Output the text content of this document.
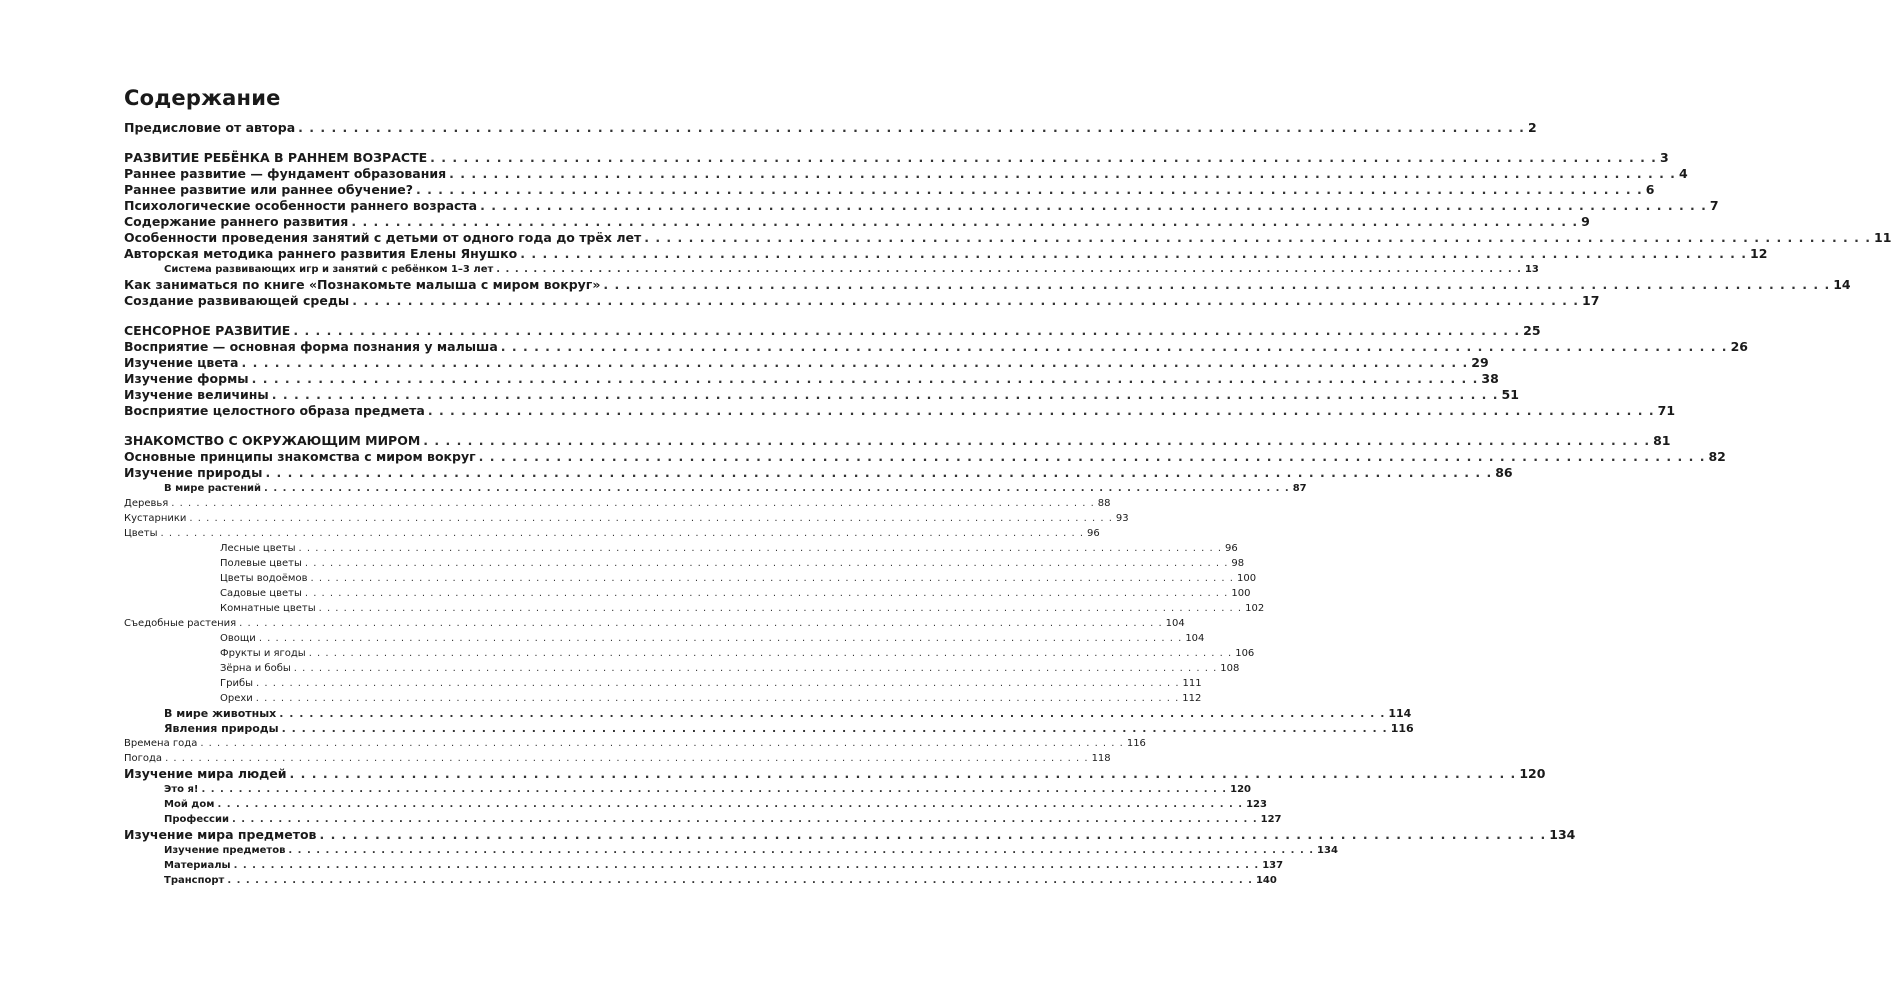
Содержание
Предисловие от автора . . . . . . . . . . . . . . . . . . . . . . . . . . . . . . . . . . . . . . . . . . . . . . . . . . . . . . . . . . . . . . . . . . . . . . . . . . . . . . . . . . . . . . . . . . . . . . . . . . . . . . . . . . . . . . . 2
РАЗВИТИЕ РЕБЁНКА В РАННЕМ ВОЗРАСТЕ . . . . . . . . . . . . . . . . . . . . . . . . . . . . . . . . . . . . . . . . . . . . . . . . . . . . . . . . . . . . . . . . . . . . . . . . . . . . . . . . . . . . . . . . . . . . . . . . . . . . . . . . . . . . . . . 3
Раннее развитие — фундамент образования . . . . . . . . . . . . . . . . . . . . . . . . . . . . . . . . . . . . . . . . . . . . . . . . . . . . . . . . . . . . . . . . . . . . . . . . . . . . . . . . . . . . . . . . . . . . . . . . . . . . . . . . . . . . . . . 4
Раннее развитие или раннее обучение? . . . . . . . . . . . . . . . . . . . . . . . . . . . . . . . . . . . . . . . . . . . . . . . . . . . . . . . . . . . . . . . . . . . . . . . . . . . . . . . . . . . . . . . . . . . . . . . . . . . . . . . . . . . . . . . 6
Психологические особенности раннего возраста . . . . . . . . . . . . . . . . . . . . . . . . . . . . . . . . . . . . . . . . . . . . . . . . . . . . . . . . . . . . . . . . . . . . . . . . . . . . . . . . . . . . . . . . . . . . . . . . . . . . . . . . . . . . . . . 7
Содержание раннего развития . . . . . . . . . . . . . . . . . . . . . . . . . . . . . . . . . . . . . . . . . . . . . . . . . . . . . . . . . . . . . . . . . . . . . . . . . . . . . . . . . . . . . . . . . . . . . . . . . . . . . . . . . . . . . . . 9
Особенности проведения занятий с детьми от одного года до трёх лет . . . . . . . . . . . . . . . . . . . . . . . . . . . . . . . . . . . . . . . . . . . . . . . . . . . . . . . . . . . . . . . . . . . . . . . . . . . . . . . . . . . . . . . . . . . . . . . . . . . . . . . . . . . . . . . 11
Авторская методика раннего развития Елены Янушко . . . . . . . . . . . . . . . . . . . . . . . . . . . . . . . . . . . . . . . . . . . . . . . . . . . . . . . . . . . . . . . . . . . . . . . . . . . . . . . . . . . . . . . . . . . . . . . . . . . . . . . . . . . . . . . 12
Система развивающих игр и занятий с ребёнком 1–3 лет . . . . . . . . . . . . . . . . . . . . . . . . . . . . . . . . . . . . . . . . . . . . . . . . . . . . . . . . . . . . . . . . . . . . . . . . . . . . . . . . . . . . . . . . . . . . . . . . . . . . . . . . . . . . . . . 13
Как заниматься по книге «Познакомьте малыша с миром вокруг» . . . . . . . . . . . . . . . . . . . . . . . . . . . . . . . . . . . . . . . . . . . . . . . . . . . . . . . . . . . . . . . . . . . . . . . . . . . . . . . . . . . . . . . . . . . . . . . . . . . . . . . . . . . . . . . 14
Создание развивающей среды . . . . . . . . . . . . . . . . . . . . . . . . . . . . . . . . . . . . . . . . . . . . . . . . . . . . . . . . . . . . . . . . . . . . . . . . . . . . . . . . . . . . . . . . . . . . . . . . . . . . . . . . . . . . . . . 17
СЕНСОРНОЕ РАЗВИТИЕ . . . . . . . . . . . . . . . . . . . . . . . . . . . . . . . . . . . . . . . . . . . . . . . . . . . . . . . . . . . . . . . . . . . . . . . . . . . . . . . . . . . . . . . . . . . . . . . . . . . . . . . . . . . . . . . 25
Восприятие — основная форма познания у малыша . . . . . . . . . . . . . . . . . . . . . . . . . . . . . . . . . . . . . . . . . . . . . . . . . . . . . . . . . . . . . . . . . . . . . . . . . . . . . . . . . . . . . . . . . . . . . . . . . . . . . . . . . . . . . . . 26
Изучение цвета . . . . . . . . . . . . . . . . . . . . . . . . . . . . . . . . . . . . . . . . . . . . . . . . . . . . . . . . . . . . . . . . . . . . . . . . . . . . . . . . . . . . . . . . . . . . . . . . . . . . . . . . . . . . . . . 29
Изучение формы . . . . . . . . . . . . . . . . . . . . . . . . . . . . . . . . . . . . . . . . . . . . . . . . . . . . . . . . . . . . . . . . . . . . . . . . . . . . . . . . . . . . . . . . . . . . . . . . . . . . . . . . . . . . . . . 38
Изучение величины . . . . . . . . . . . . . . . . . . . . . . . . . . . . . . . . . . . . . . . . . . . . . . . . . . . . . . . . . . . . . . . . . . . . . . . . . . . . . . . . . . . . . . . . . . . . . . . . . . . . . . . . . . . . . . . 51
Восприятие целостного образа предмета . . . . . . . . . . . . . . . . . . . . . . . . . . . . . . . . . . . . . . . . . . . . . . . . . . . . . . . . . . . . . . . . . . . . . . . . . . . . . . . . . . . . . . . . . . . . . . . . . . . . . . . . . . . . . . . 71
ЗНАКОМСТВО С ОКРУЖАЮЩИМ МИРОМ . . . . . . . . . . . . . . . . . . . . . . . . . . . . . . . . . . . . . . . . . . . . . . . . . . . . . . . . . . . . . . . . . . . . . . . . . . . . . . . . . . . . . . . . . . . . . . . . . . . . . . . . . . . . . . . 81
Основные принципы знакомства с миром вокруг . . . . . . . . . . . . . . . . . . . . . . . . . . . . . . . . . . . . . . . . . . . . . . . . . . . . . . . . . . . . . . . . . . . . . . . . . . . . . . . . . . . . . . . . . . . . . . . . . . . . . . . . . . . . . . . 82
Изучение природы . . . . . . . . . . . . . . . . . . . . . . . . . . . . . . . . . . . . . . . . . . . . . . . . . . . . . . . . . . . . . . . . . . . . . . . . . . . . . . . . . . . . . . . . . . . . . . . . . . . . . . . . . . . . . . . 86
В мире растений . . . . . . . . . . . . . . . . . . . . . . . . . . . . . . . . . . . . . . . . . . . . . . . . . . . . . . . . . . . . . . . . . . . . . . . . . . . . . . . . . . . . . . . . . . . . . . . . . . . . . . . . . . . . . . . 87
Деревья . . . . . . . . . . . . . . . . . . . . . . . . . . . . . . . . . . . . . . . . . . . . . . . . . . . . . . . . . . . . . . . . . . . . . . . . . . . . . . . . . . . . . . . . . . . . . . . . . . . . . . . . . . . . . . . 88
Кустарники . . . . . . . . . . . . . . . . . . . . . . . . . . . . . . . . . . . . . . . . . . . . . . . . . . . . . . . . . . . . . . . . . . . . . . . . . . . . . . . . . . . . . . . . . . . . . . . . . . . . . . . . . . . . . . . 93
Цветы . . . . . . . . . . . . . . . . . . . . . . . . . . . . . . . . . . . . . . . . . . . . . . . . . . . . . . . . . . . . . . . . . . . . . . . . . . . . . . . . . . . . . . . . . . . . . . . . . . . . . . . . . . . . . . . 96
Лесные цветы . . . . . . . . . . . . . . . . . . . . . . . . . . . . . . . . . . . . . . . . . . . . . . . . . . . . . . . . . . . . . . . . . . . . . . . . . . . . . . . . . . . . . . . . . . . . . . . . . . . . . . . . . . . . . . . 96
Полевые цветы . . . . . . . . . . . . . . . . . . . . . . . . . . . . . . . . . . . . . . . . . . . . . . . . . . . . . . . . . . . . . . . . . . . . . . . . . . . . . . . . . . . . . . . . . . . . . . . . . . . . . . . . . . . . . . . 98
Цветы водоёмов . . . . . . . . . . . . . . . . . . . . . . . . . . . . . . . . . . . . . . . . . . . . . . . . . . . . . . . . . . . . . . . . . . . . . . . . . . . . . . . . . . . . . . . . . . . . . . . . . . . . . . . . . . . . . . . 100
Садовые цветы . . . . . . . . . . . . . . . . . . . . . . . . . . . . . . . . . . . . . . . . . . . . . . . . . . . . . . . . . . . . . . . . . . . . . . . . . . . . . . . . . . . . . . . . . . . . . . . . . . . . . . . . . . . . . . . 100
Комнатные цветы . . . . . . . . . . . . . . . . . . . . . . . . . . . . . . . . . . . . . . . . . . . . . . . . . . . . . . . . . . . . . . . . . . . . . . . . . . . . . . . . . . . . . . . . . . . . . . . . . . . . . . . . . . . . . . . 102
Съедобные растения . . . . . . . . . . . . . . . . . . . . . . . . . . . . . . . . . . . . . . . . . . . . . . . . . . . . . . . . . . . . . . . . . . . . . . . . . . . . . . . . . . . . . . . . . . . . . . . . . . . . . . . . . . . . . . . 104
Овощи . . . . . . . . . . . . . . . . . . . . . . . . . . . . . . . . . . . . . . . . . . . . . . . . . . . . . . . . . . . . . . . . . . . . . . . . . . . . . . . . . . . . . . . . . . . . . . . . . . . . . . . . . . . . . . . 104
Фрукты и ягоды . . . . . . . . . . . . . . . . . . . . . . . . . . . . . . . . . . . . . . . . . . . . . . . . . . . . . . . . . . . . . . . . . . . . . . . . . . . . . . . . . . . . . . . . . . . . . . . . . . . . . . . . . . . . . . . 106
Зёрна и бобы . . . . . . . . . . . . . . . . . . . . . . . . . . . . . . . . . . . . . . . . . . . . . . . . . . . . . . . . . . . . . . . . . . . . . . . . . . . . . . . . . . . . . . . . . . . . . . . . . . . . . . . . . . . . . . . 108
Грибы . . . . . . . . . . . . . . . . . . . . . . . . . . . . . . . . . . . . . . . . . . . . . . . . . . . . . . . . . . . . . . . . . . . . . . . . . . . . . . . . . . . . . . . . . . . . . . . . . . . . . . . . . . . . . . . 111
Орехи . . . . . . . . . . . . . . . . . . . . . . . . . . . . . . . . . . . . . . . . . . . . . . . . . . . . . . . . . . . . . . . . . . . . . . . . . . . . . . . . . . . . . . . . . . . . . . . . . . . . . . . . . . . . . . . 112
В мире животных . . . . . . . . . . . . . . . . . . . . . . . . . . . . . . . . . . . . . . . . . . . . . . . . . . . . . . . . . . . . . . . . . . . . . . . . . . . . . . . . . . . . . . . . . . . . . . . . . . . . . . . . . . . . . . . 114
Явления природы . . . . . . . . . . . . . . . . . . . . . . . . . . . . . . . . . . . . . . . . . . . . . . . . . . . . . . . . . . . . . . . . . . . . . . . . . . . . . . . . . . . . . . . . . . . . . . . . . . . . . . . . . . . . . . . 116
Времена года . . . . . . . . . . . . . . . . . . . . . . . . . . . . . . . . . . . . . . . . . . . . . . . . . . . . . . . . . . . . . . . . . . . . . . . . . . . . . . . . . . . . . . . . . . . . . . . . . . . . . . . . . . . . . . . 116
Погода . . . . . . . . . . . . . . . . . . . . . . . . . . . . . . . . . . . . . . . . . . . . . . . . . . . . . . . . . . . . . . . . . . . . . . . . . . . . . . . . . . . . . . . . . . . . . . . . . . . . . . . . . . . . . . . 118
Изучение мира людей . . . . . . . . . . . . . . . . . . . . . . . . . . . . . . . . . . . . . . . . . . . . . . . . . . . . . . . . . . . . . . . . . . . . . . . . . . . . . . . . . . . . . . . . . . . . . . . . . . . . . . . . . . . . . . . 120
Это я! . . . . . . . . . . . . . . . . . . . . . . . . . . . . . . . . . . . . . . . . . . . . . . . . . . . . . . . . . . . . . . . . . . . . . . . . . . . . . . . . . . . . . . . . . . . . . . . . . . . . . . . . . . . . . . . 120
Мой дом . . . . . . . . . . . . . . . . . . . . . . . . . . . . . . . . . . . . . . . . . . . . . . . . . . . . . . . . . . . . . . . . . . . . . . . . . . . . . . . . . . . . . . . . . . . . . . . . . . . . . . . . . . . . . . . 123
Профессии . . . . . . . . . . . . . . . . . . . . . . . . . . . . . . . . . . . . . . . . . . . . . . . . . . . . . . . . . . . . . . . . . . . . . . . . . . . . . . . . . . . . . . . . . . . . . . . . . . . . . . . . . . . . . . . 127
Изучение мира предметов . . . . . . . . . . . . . . . . . . . . . . . . . . . . . . . . . . . . . . . . . . . . . . . . . . . . . . . . . . . . . . . . . . . . . . . . . . . . . . . . . . . . . . . . . . . . . . . . . . . . . . . . . . . . . . . 134
Изучение предметов . . . . . . . . . . . . . . . . . . . . . . . . . . . . . . . . . . . . . . . . . . . . . . . . . . . . . . . . . . . . . . . . . . . . . . . . . . . . . . . . . . . . . . . . . . . . . . . . . . . . . . . . . . . . . . . 134
Материалы . . . . . . . . . . . . . . . . . . . . . . . . . . . . . . . . . . . . . . . . . . . . . . . . . . . . . . . . . . . . . . . . . . . . . . . . . . . . . . . . . . . . . . . . . . . . . . . . . . . . . . . . . . . . . . . 137
Транспорт . . . . . . . . . . . . . . . . . . . . . . . . . . . . . . . . . . . . . . . . . . . . . . . . . . . . . . . . . . . . . . . . . . . . . . . . . . . . . . . . . . . . . . . . . . . . . . . . . . . . . . . . . . . . . . . 140
